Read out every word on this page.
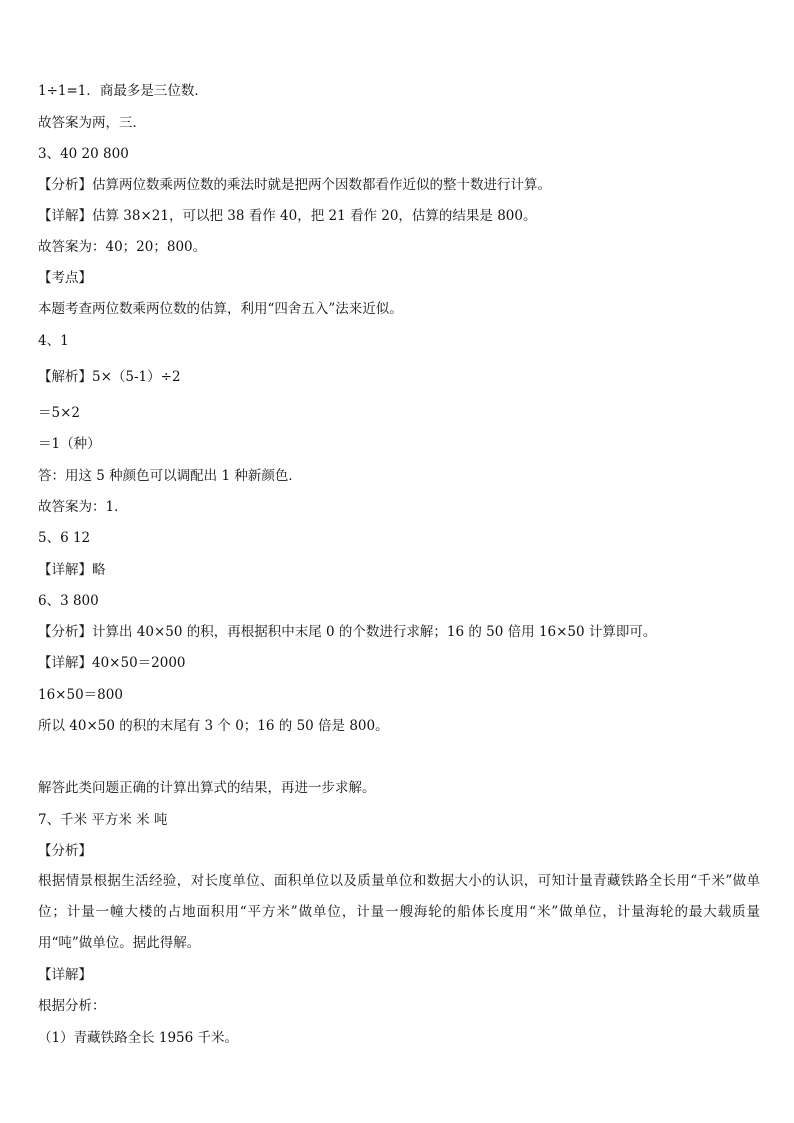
1÷1=1．商最多是三位数．
故答案为两，三．
3、40 20 800
【分析】估算两位数乘两位数的乘法时就是把两个因数都看作近似的整十数进行计算。
【详解】估算 38×21，可以把 38 看作 40，把 21 看作 20，估算的结果是 800。
故答案为：40；20；800。
【考点】
本题考查两位数乘两位数的估算，利用“四舍五入”法来近似。
4、1
【解析】5×（5-1）÷2
＝5×2
＝1（种）
答：用这 5 种颜色可以调配出 1 种新颜色．
故答案为：1．
5、6 12
【详解】略
6、3 800
【分析】计算出 40×50 的积，再根据积中末尾 0 的个数进行求解；16 的 50 倍用 16×50 计算即可。
【详解】40×50＝2000
16×50＝800
所以 40×50 的积的末尾有 3 个 0；16 的 50 倍是 800。
解答此类问题正确的计算出算式的结果，再进一步求解。
7、千米 平方米 米 吨
【分析】
根据情景根据生活经验，对长度单位、面积单位以及质量单位和数据大小的认识，可知计量青藏铁路全长用“千米”做单位；计量一幢大楼的占地面积用“平方米”做单位，计量一艘海轮的船体长度用“米”做单位，计量海轮的最大载质量用“吨”做单位。据此得解。
【详解】
根据分析：
（1）青藏铁路全长 1956 千米。
